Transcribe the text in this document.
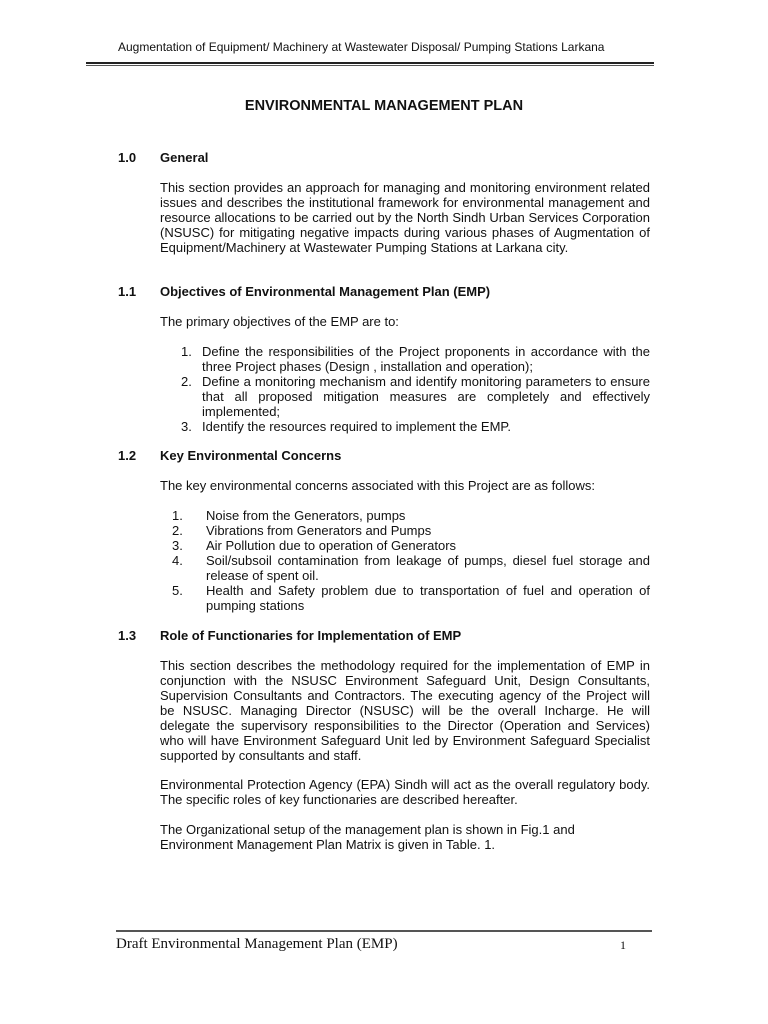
Augmentation of Equipment/ Machinery at Wastewater Disposal/ Pumping Stations Larkana
ENVIRONMENTAL MANAGEMENT PLAN
1.0 General

This section provides an approach for managing and monitoring environment related issues and describes the institutional framework for environmental management and resource allocations to be carried out by the North Sindh Urban Services Corporation (NSUSC) for mitigating negative impacts during various phases of Augmentation of Equipment/Machinery at Wastewater Pumping Stations at Larkana city.

1.1 Objectives of Environmental Management Plan (EMP)

The primary objectives of the EMP are to:

1. Define the responsibilities of the Project proponents in accordance with the three Project phases (Design , installation and operation);
2. Define a monitoring mechanism and identify monitoring parameters to ensure that all proposed mitigation measures are completely and effectively implemented;
3. Identify the resources required to implement the EMP.
1.2 Key Environmental Concerns

The key environmental concerns associated with this Project are as follows:

1. Noise from the Generators, pumps
2. Vibrations from Generators and Pumps
3. Air Pollution due to operation of Generators
4. Soil/subsoil contamination from leakage of pumps, diesel fuel storage and release of spent oil.
5. Health and Safety problem due to transportation of fuel and operation of pumping stations
1.3 Role of Functionaries for Implementation of EMP

This section describes the methodology required for the implementation of EMP in conjunction with the NSUSC Environment Safeguard Unit, Design Consultants, Supervision Consultants and Contractors. The executing agency of the Project will be NSUSC. Managing Director (NSUSC) will be the overall Incharge. He will delegate the supervisory responsibilities to the Director (Operation and Services) who will have Environment Safeguard Unit led by Environment Safeguard Specialist supported by consultants and staff.

Environmental Protection Agency (EPA) Sindh will act as the overall regulatory body. The specific roles of key functionaries are described hereafter.

The Organizational setup of the management plan is shown in Fig.1 and

Environment Management Plan Matrix is given in Table. 1.

Draft Environmental Management Plan (EMP)	1
